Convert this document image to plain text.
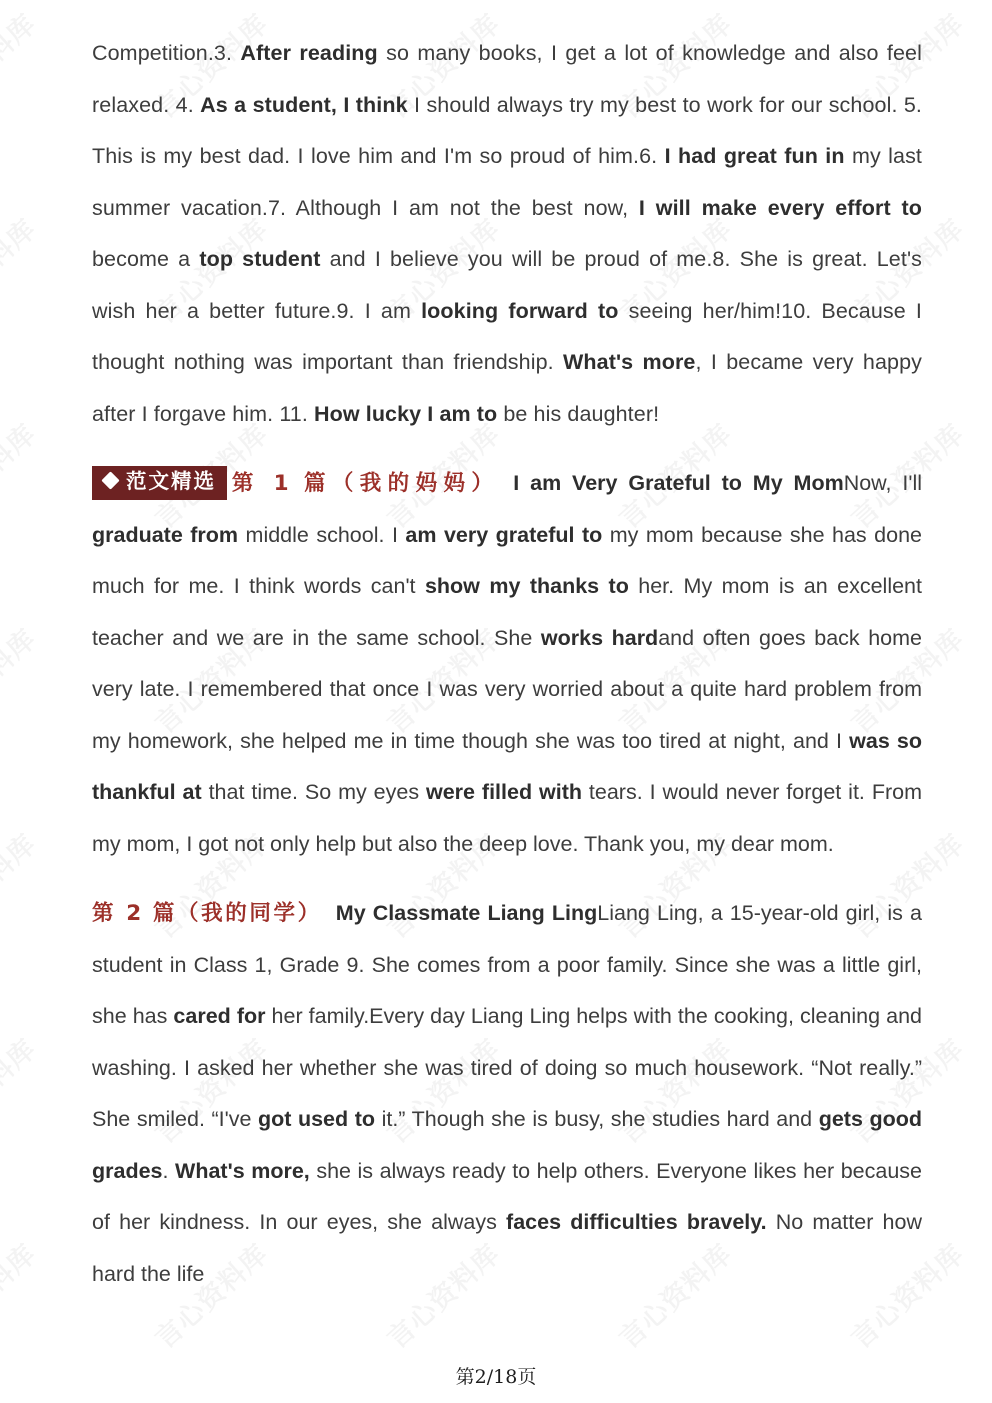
Competition.3. After reading so many books, I get a lot of knowledge and also feel relaxed. 4. As a student, I think I should always try my best to work for our school. 5. This is my best dad. I love him and I'm so proud of him.6. I had great fun in my last summer vacation.7. Although I am not the best now, I will make every effort to become a top student and I believe you will be proud of me.8. She is great. Let's wish her a better future.9. I am looking forward to seeing her/him!10. Because I thought nothing was important than friendship. What's more, I became very happy after I forgave him. 11. How lucky I am to be his daughter!

范文精选 第 1 篇（我的妈妈） I am Very Grateful to My MomNow, I'll graduate from middle school. I am very grateful to my mom because she has done much for me. I think words can't show my thanks to her. My mom is an excellent teacher and we are in the same school. She works hardand often goes back home very late. I remembered that once I was very worried about a quite hard problem from my homework, she helped me in time though she was too tired at night, and I was so thankful at that time. So my eyes were filled with tears. I would never forget it. From my mom, I got not only help but also the deep love. Thank you, my dear mom.

第 2 篇（我的同学） My Classmate Liang LingLiang Ling, a 15-year-old girl, is a student in Class 1, Grade 9. She comes from a poor family. Since she was a little girl, she has cared for her family.Every day Liang Ling helps with the cooking, cleaning and washing. I asked her whether she was tired of doing so much housework. “Not really.” She smiled. “I've got used to it.” Though she is busy, she studies hard and gets good grades. What's more, she is always ready to help others. Everyone likes her because of her kindness. In our eyes, she always faces difficulties bravely. No matter how hard the life

第2/18页
